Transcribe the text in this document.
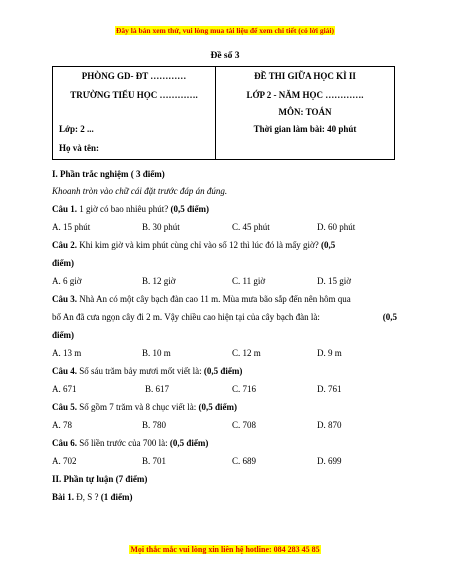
Đây là bản xem thử, vui lòng mua tài liệu để xem chi tiết (có lời giải)
Đề số 3
PHÒNG GD- ĐT …………
TRƯỜNG TIỂU HỌC ………….
Lớp: 2 ...
Họ và tên:

ĐỀ THI GIỮA HỌC KÌ II
LỚP 2 - NĂM HỌC ………….
MÔN: TOÁN
Thời gian làm bài: 40 phút
I. Phần trắc nghiệm ( 3 điểm)
Khoanh tròn vào chữ cái đặt trước đáp án đúng.
Câu 1. 1 giờ có bao nhiêu phút? (0,5 điểm)
A. 15 phút	B. 30 phút	C. 45 phút	D. 60 phút
Câu 2. Khi kim giờ và kim phút cùng chỉ vào số 12 thì lúc đó là mấy giờ? (0,5
điểm)
A. 6 giờ	B. 12 giờ	C. 11 giờ	D. 15 giờ
Câu 3. Nhà An có một cây bạch đàn cao 11 m. Mùa mưa bão sắp đến nên hôm qua
bố An đã cưa ngọn cây đi 2 m. Vậy chiều cao hiện tại của cây bạch đàn là:	(0,5
điểm)
A. 13 m	B. 10 m	C. 12 m	D. 9 m
Câu 4. Số sáu trăm bảy mươi mốt viết là: (0,5 điểm)
A. 671	B. 617	C. 716	D. 761
Câu 5. Số gồm 7 trăm và 8 chục viết là: (0,5 điểm)
A. 78	B. 780	C. 708	D. 870
Câu 6. Số liền trước của 700 là: (0,5 điểm)
A. 702	B. 701	C. 689	D. 699
II. Phần tự luận (7 điểm)
Bài 1. Đ, S ? (1 điểm)
Mọi thắc mắc vui lòng xin liên hệ hotline: 084 283 45 85
